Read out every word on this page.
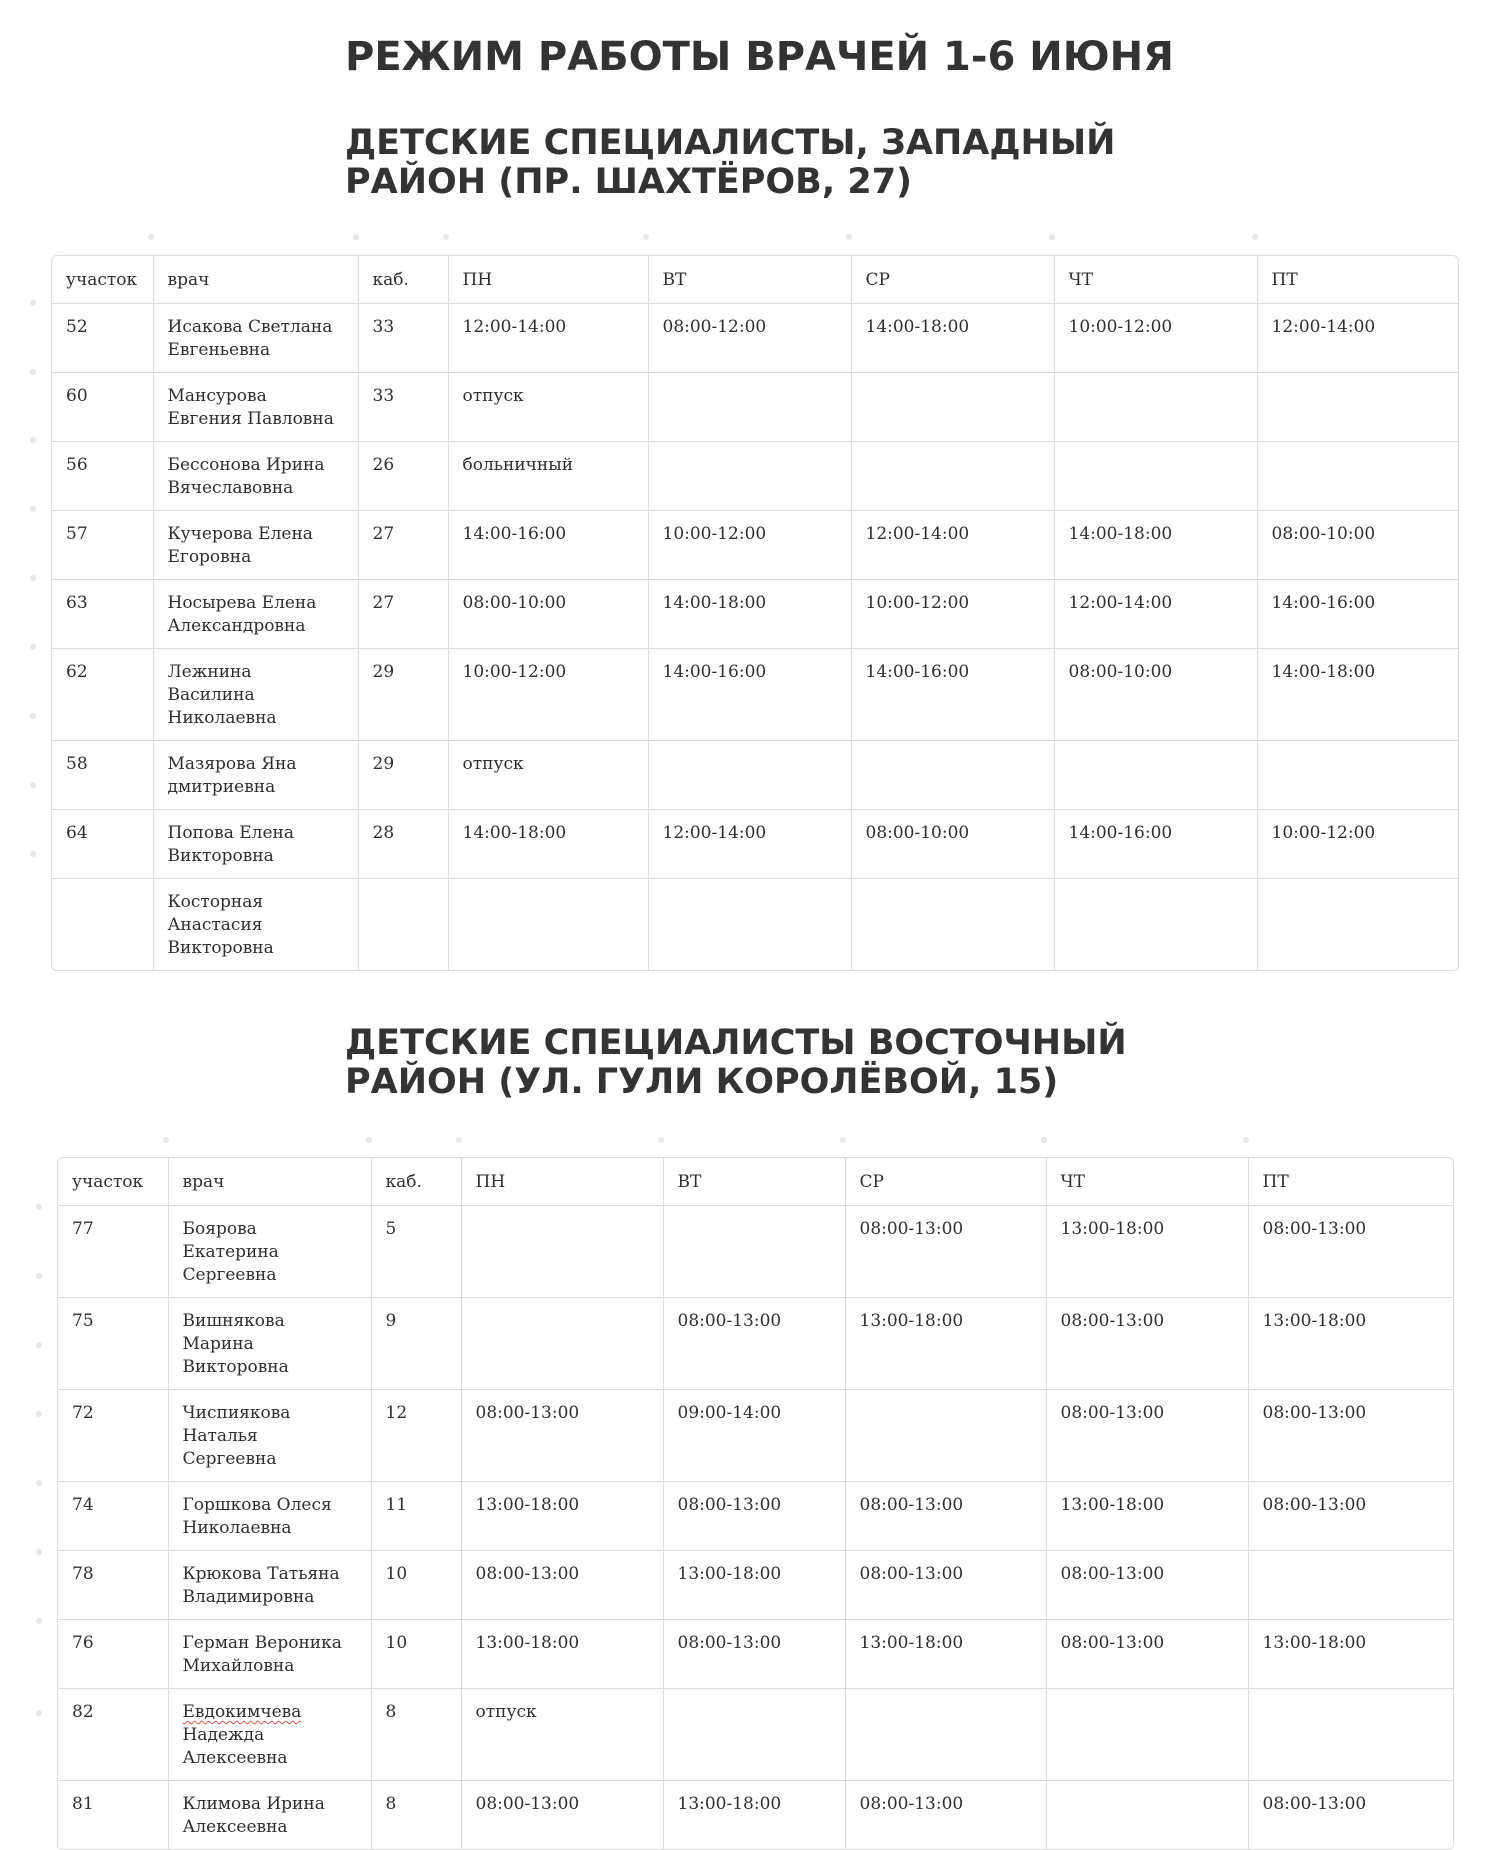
РЕЖИМ РАБОТЫ ВРАЧЕЙ 1-6 ИЮНЯ
ДЕТСКИЕ СПЕЦИАЛИСТЫ, ЗАПАДНЫЙ
РАЙОН (ПР. ШАХТЁРОВ, 27)
участок	врач	каб.	ПН	ВТ	СР	ЧТ	ПТ
52	Исакова Светлана Евгеньевна	33	12:00-14:00	08:00-12:00	14:00-18:00	10:00-12:00	12:00-14:00
60	Мансурова Евгения Павловна	33	отпуск				
56	Бессонова Ирина Вячеславовна	26	больничный				
57	Кучерова Елена Егоровна	27	14:00-16:00	10:00-12:00	12:00-14:00	14:00-18:00	08:00-10:00
63	Носырева Елена Александровна	27	08:00-10:00	14:00-18:00	10:00-12:00	12:00-14:00	14:00-16:00
62	Лежнина Василина Николаевна	29	10:00-12:00	14:00-16:00	14:00-16:00	08:00-10:00	14:00-18:00
58	Мазярова Яна дмитриевна	29	отпуск				
64	Попова Елена Викторовна	28	14:00-18:00	12:00-14:00	08:00-10:00	14:00-16:00	10:00-12:00
	Косторная Анастасия Викторовна						
ДЕТСКИЕ СПЕЦИАЛИСТЫ ВОСТОЧНЫЙ
РАЙОН (УЛ. ГУЛИ КОРОЛЁВОЙ, 15)
участок	врач	каб.	ПН	ВТ	СР	ЧТ	ПТ
77	Боярова Екатерина Сергеевна	5			08:00-13:00	13:00-18:00	08:00-13:00
75	Вишнякова Марина Викторовна	9		08:00-13:00	13:00-18:00	08:00-13:00	13:00-18:00
72	Чиспиякова Наталья Сергеевна	12	08:00-13:00	09:00-14:00		08:00-13:00	08:00-13:00
74	Горшкова Олеся Николаевна	11	13:00-18:00	08:00-13:00	08:00-13:00	13:00-18:00	08:00-13:00
78	Крюкова Татьяна Владимировна	10	08:00-13:00	13:00-18:00	08:00-13:00	08:00-13:00	
76	Герман Вероника Михайловна	10	13:00-18:00	08:00-13:00	13:00-18:00	08:00-13:00	13:00-18:00
82	Евдокимчева Надежда Алексеевна	8	отпуск				
81	Климова Ирина Алексеевна	8	08:00-13:00	13:00-18:00	08:00-13:00		08:00-13:00
